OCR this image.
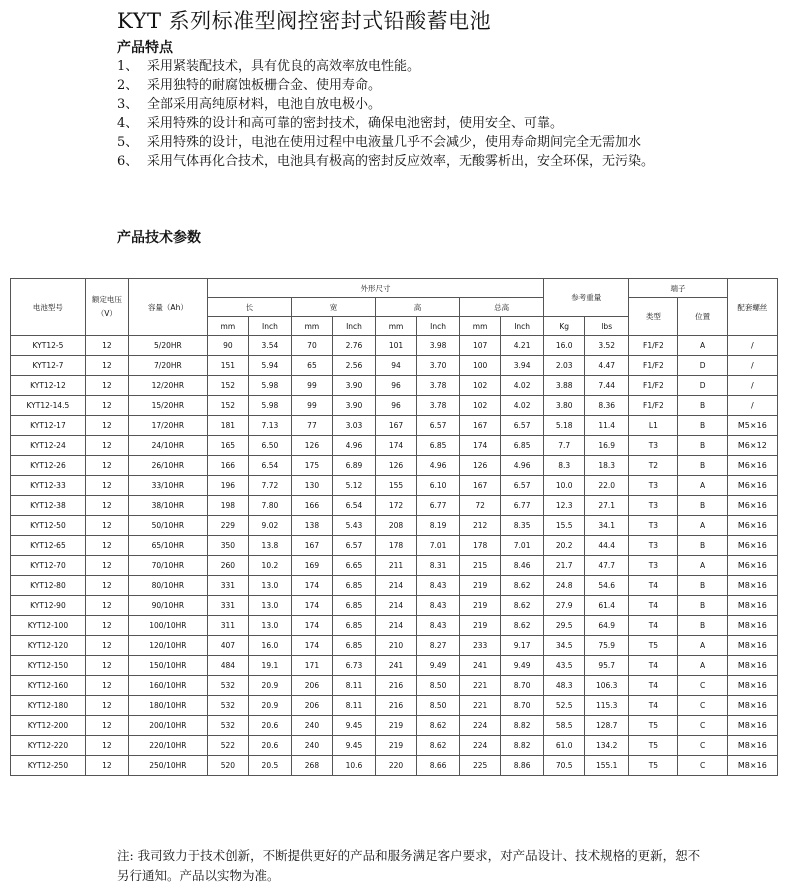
KYT 系列标准型阀控密封式铅酸蓄电池
产品特点
1、 采用紧装配技术，具有优良的高效率放电性能。
2、 采用独特的耐腐蚀板栅合金、使用寿命。
3、 全部采用高纯原材料，电池自放电极小。
4、 采用特殊的设计和高可靠的密封技术，确保电池密封，使用安全、可靠。
5、 采用特殊的设计，电池在使用过程中电液量几乎不会减少，使用寿命期间完全无需加水
6、 采用气体再化合技术，电池具有极高的密封反应效率，无酸雾析出，安全环保，无污染。
产品技术参数
电池型号	额定电压（V）	容量（Ah）	外形尺寸								参考重量		端子		配套螺丝
			长		宽		高		总高				类型	位置	
			mm	Inch	mm	Inch	mm	Inch	mm	Inch	Kg	lbs			
KYT12-5	12	5/20HR	90	3.54	70	2.76	101	3.98	107	4.21	16.0	3.52	F1/F2	A	/
KYT12-7	12	7/20HR	151	5.94	65	2.56	94	3.70	100	3.94	2.03	4.47	F1/F2	D	/
KYT12-12	12	12/20HR	152	5.98	99	3.90	96	3.78	102	4.02	3.88	7.44	F1/F2	D	/
KYT12-14.5	12	15/20HR	152	5.98	99	3.90	96	3.78	102	4.02	3.80	8.36	F1/F2	B	/
KYT12-17	12	17/20HR	181	7.13	77	3.03	167	6.57	167	6.57	5.18	11.4	L1	B	M5×16
KYT12-24	12	24/10HR	165	6.50	126	4.96	174	6.85	174	6.85	7.7	16.9	T3	B	M6×12
KYT12-26	12	26/10HR	166	6.54	175	6.89	126	4.96	126	4.96	8.3	18.3	T2	B	M6×16
KYT12-33	12	33/10HR	196	7.72	130	5.12	155	6.10	167	6.57	10.0	22.0	T3	A	M6×16
KYT12-38	12	38/10HR	198	7.80	166	6.54	172	6.77	72	6.77	12.3	27.1	T3	B	M6×16
KYT12-50	12	50/10HR	229	9.02	138	5.43	208	8.19	212	8.35	15.5	34.1	T3	A	M6×16
KYT12-65	12	65/10HR	350	13.8	167	6.57	178	7.01	178	7.01	20.2	44.4	T3	B	M6×16
KYT12-70	12	70/10HR	260	10.2	169	6.65	211	8.31	215	8.46	21.7	47.7	T3	A	M6×16
KYT12-80	12	80/10HR	331	13.0	174	6.85	214	8.43	219	8.62	24.8	54.6	T4	B	M8×16
KYT12-90	12	90/10HR	331	13.0	174	6.85	214	8.43	219	8.62	27.9	61.4	T4	B	M8×16
KYT12-100	12	100/10HR	311	13.0	174	6.85	214	8.43	219	8.62	29.5	64.9	T4	B	M8×16
KYT12-120	12	120/10HR	407	16.0	174	6.85	210	8.27	233	9.17	34.5	75.9	T5	A	M8×16
KYT12-150	12	150/10HR	484	19.1	171	6.73	241	9.49	241	9.49	43.5	95.7	T4	A	M8×16
KYT12-160	12	160/10HR	532	20.9	206	8.11	216	8.50	221	8.70	48.3	106.3	T4	C	M8×16
KYT12-180	12	180/10HR	532	20.9	206	8.11	216	8.50	221	8.70	52.5	115.3	T4	C	M8×16
KYT12-200	12	200/10HR	532	20.6	240	9.45	219	8.62	224	8.82	58.5	128.7	T5	C	M8×16
KYT12-220	12	220/10HR	522	20.6	240	9.45	219	8.62	224	8.82	61.0	134.2	T5	C	M8×16
KYT12-250	12	250/10HR	520	20.5	268	10.6	220	8.66	225	8.86	70.5	155.1	T5	C	M8×16

注: 我司致力于技术创新，不断提供更好的产品和服务满足客户要求，对产品设计、技术规格的更新，恕不另行通知。产品以实物为准。
